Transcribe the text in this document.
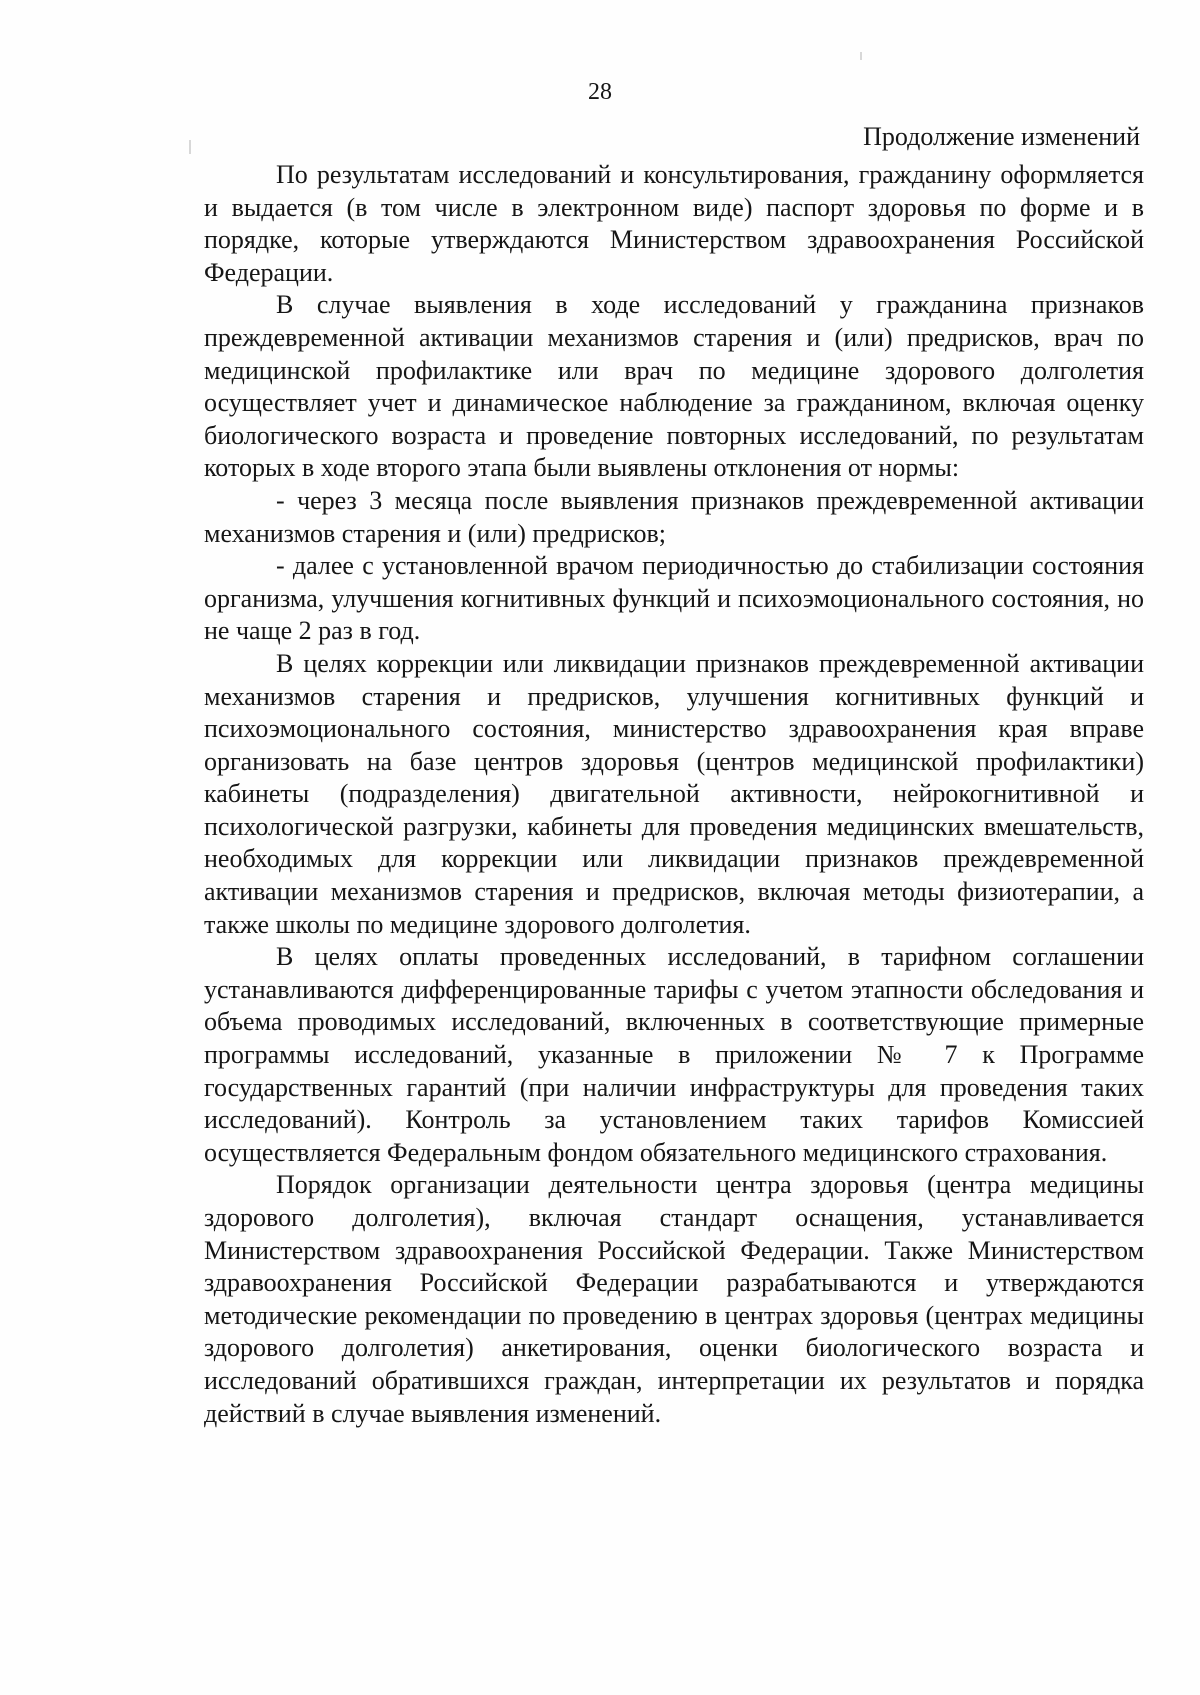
28
Продолжение изменений

По результатам исследований и консультирования, гражданину оформляется и выдается (в том числе в электронном виде) паспорт здоровья по форме и в порядке, которые утверждаются Министерством здравоохранения Российской Федерации.

В случае выявления в ходе исследований у гражданина признаков преждевременной активации механизмов старения и (или) предрисков, врач по медицинской профилактике или врач по медицине здорового долголетия осуществляет учет и динамическое наблюдение за гражданином, включая оценку биологического возраста и проведение повторных исследований, по результатам которых в ходе второго этапа были выявлены отклонения от нормы:

- через 3 месяца после выявления признаков преждевременной активации механизмов старения и (или) предрисков;

- далее с установленной врачом периодичностью до стабилизации состояния организма, улучшения когнитивных функций и психоэмоционального состояния, но не чаще 2 раз в год.

В целях коррекции или ликвидации признаков преждевременной активации механизмов старения и предрисков, улучшения когнитивных функций и психоэмоционального состояния, министерство здравоохранения края вправе организовать на базе центров здоровья (центров медицинской профилактики) кабинеты (подразделения) двигательной активности, нейрокогнитивной и психологической разгрузки, кабинеты для проведения медицинских вмешательств, необходимых для коррекции или ликвидации признаков преждевременной активации механизмов старения и предрисков, включая методы физиотерапии, а также школы по медицине здорового долголетия.

В целях оплаты проведенных исследований, в тарифном соглашении устанавливаются дифференцированные тарифы с учетом этапности обследования и объема проводимых исследований, включенных в соответствующие примерные программы исследований, указанные в приложении № 7 к Программе государственных гарантий (при наличии инфраструктуры для проведения таких исследований). Контроль за установлением таких тарифов Комиссией осуществляется Федеральным фондом обязательного медицинского страхования.

Порядок организации деятельности центра здоровья (центра медицины здорового долголетия), включая стандарт оснащения, устанавливается Министерством здравоохранения Российской Федерации. Также Министерством здравоохранения Российской Федерации разрабатываются и утверждаются методические рекомендации по проведению в центрах здоровья (центрах медицины здорового долголетия) анкетирования, оценки биологического возраста и исследований обратившихся граждан, интерпретации их результатов и порядка действий в случае выявления изменений.
